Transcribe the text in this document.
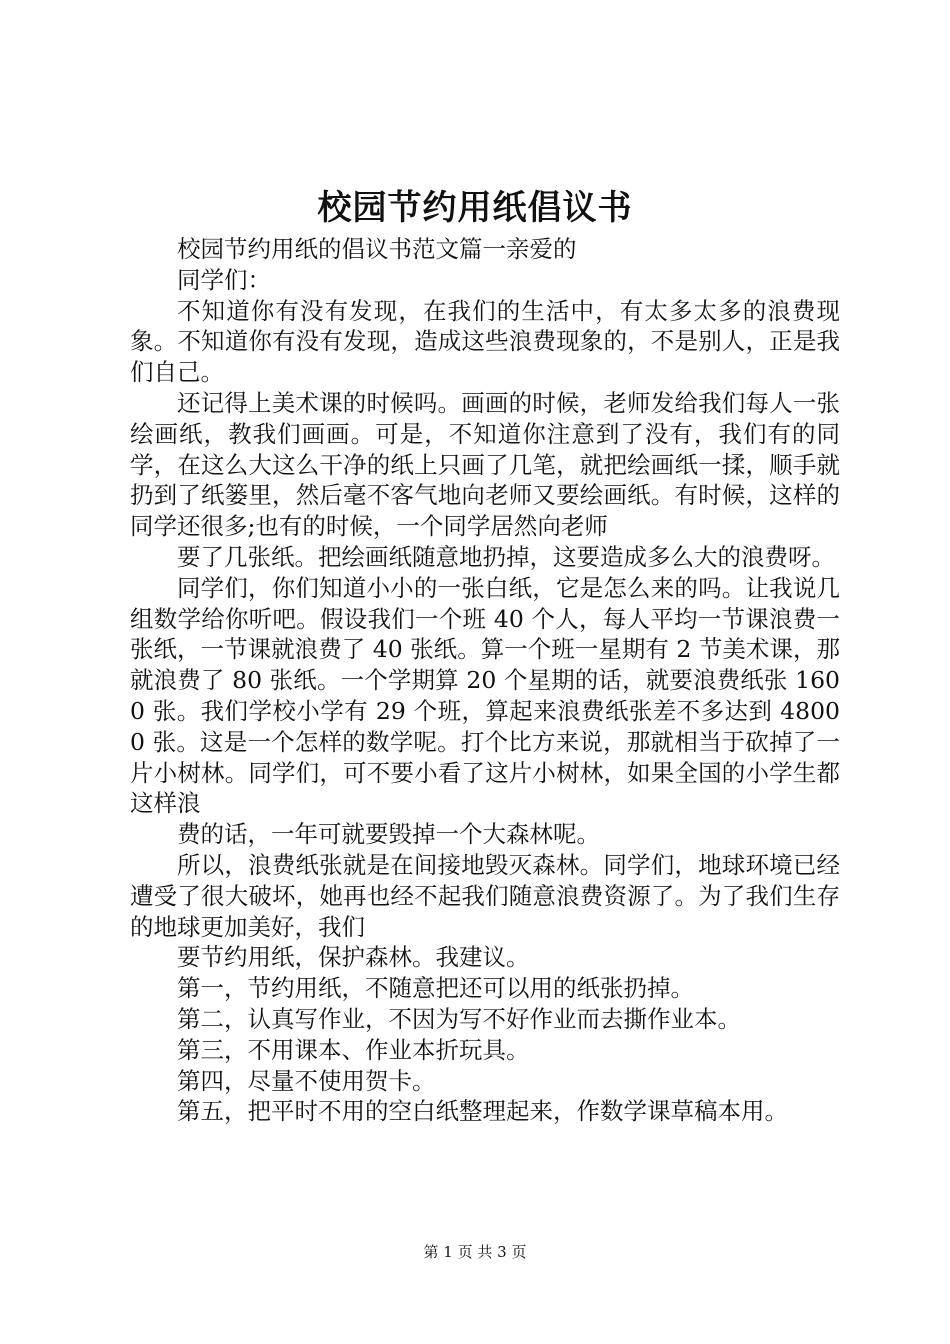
校园节约用纸倡议书

校园节约用纸的倡议书范文篇一亲爱的

同学们：

不知道你有没有发现，在我们的生活中，有太多太多的浪费现象。不知道你有没有发现，造成这些浪费现象的，不是别人，正是我们自己。

还记得上美术课的时候吗。画画的时候，老师发给我们每人一张绘画纸，教我们画画。可是，不知道你注意到了没有，我们有的同学，在这么大这么干净的纸上只画了几笔，就把绘画纸一揉，顺手就扔到了纸篓里，然后毫不客气地向老师又要绘画纸。有时候，这样的同学还很多;也有的时候，一个同学居然向老师

要了几张纸。把绘画纸随意地扔掉，这要造成多么大的浪费呀。

同学们，你们知道小小的一张白纸，它是怎么来的吗。让我说几组数学给你听吧。假设我们一个班 40 个人，每人平均一节课浪费一张纸，一节课就浪费了 40 张纸。算一个班一星期有 2 节美术课，那就浪费了 80 张纸。一个学期算 20 个星期的话，就要浪费纸张 1600 张。我们学校小学有 29 个班，算起来浪费纸张差不多达到 48000 张。这是一个怎样的数学呢。打个比方来说，那就相当于砍掉了一片小树林。同学们，可不要小看了这片小树林，如果全国的小学生都这样浪

费的话，一年可就要毁掉一个大森林呢。

所以，浪费纸张就是在间接地毁灭森林。同学们，地球环境已经遭受了很大破坏，她再也经不起我们随意浪费资源了。为了我们生存的地球更加美好，我们

要节约用纸，保护森林。我建议。

第一，节约用纸，不随意把还可以用的纸张扔掉。

第二，认真写作业，不因为写不好作业而去撕作业本。

第三，不用课本、作业本折玩具。

第四，尽量不使用贺卡。

第五，把平时不用的空白纸整理起来，作数学课草稿本用。

第 1 页 共 3 页
